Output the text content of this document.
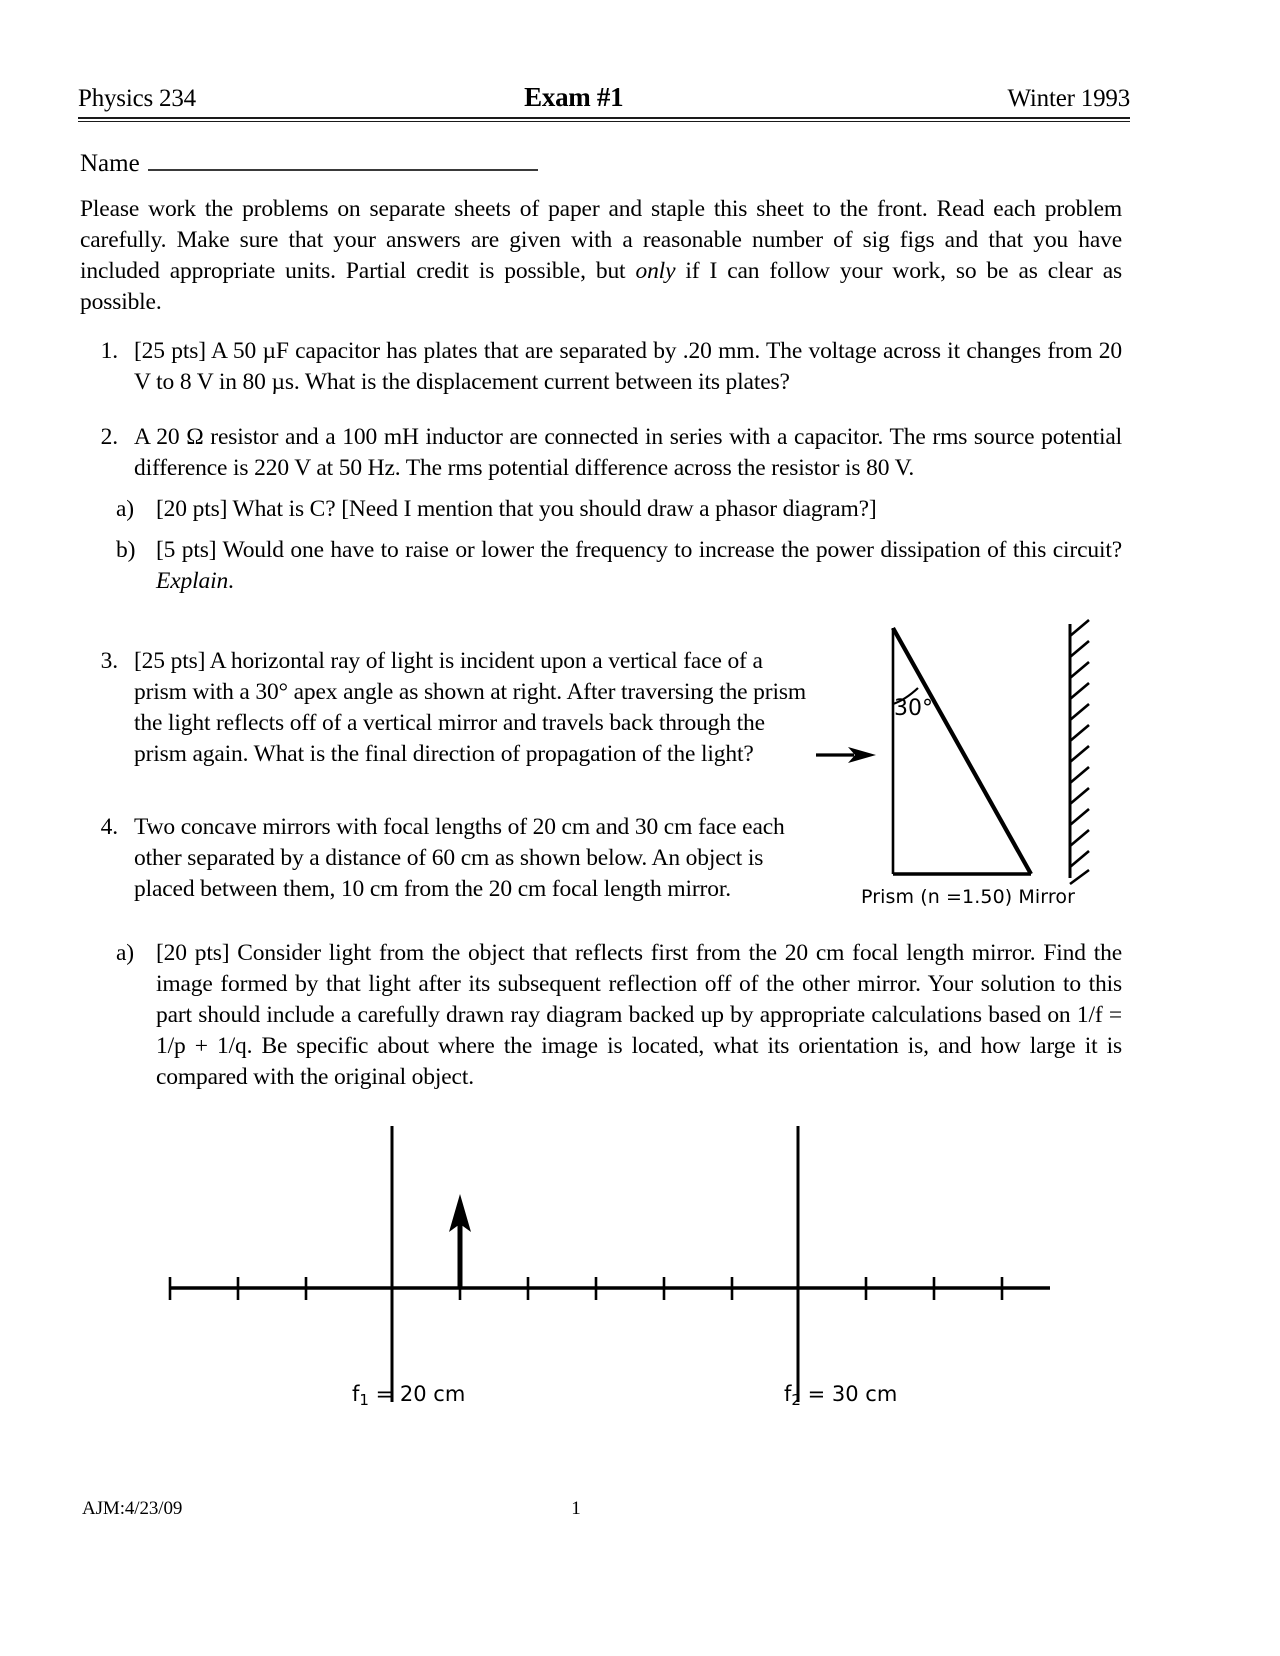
Physics 234	Exam #1	Winter 1993
Name
Please work the problems on separate sheets of paper and staple this sheet to the front. Read each problem carefully. Make sure that your answers are given with a reasonable number of sig figs and that you have included appropriate units. Partial credit is possible, but only if I can follow your work, so be as clear as possible.
1. [25 pts] A 50 µF capacitor has plates that are separated by .20 mm. The voltage across it changes from 20 V to 8 V in 80 µs. What is the displacement current between its plates?
2. A 20 Ω resistor and a 100 mH inductor are connected in series with a capacitor. The rms source potential difference is 220 V at 50 Hz. The rms potential difference across the resistor is 80 V.
a) [20 pts] What is C? [Need I mention that you should draw a phasor diagram?]
b) [5 pts] Would one have to raise or lower the frequency to increase the power dissipation of this circuit? Explain.
3. [25 pts] A horizontal ray of light is incident upon a vertical face of a prism with a 30° apex angle as shown at right. After traversing the prism the light reflects off of a vertical mirror and travels back through the prism again. What is the final direction of propagation of the light?
4. Two concave mirrors with focal lengths of 20 cm and 30 cm face each other separated by a distance of 60 cm as shown below. An object is placed between them, 10 cm from the 20 cm focal length mirror.
a) [20 pts] Consider light from the object that reflects first from the 20 cm focal length mirror. Find the image formed by that light after its subsequent reflection off of the other mirror. Your solution to this part should include a carefully drawn ray diagram backed up by appropriate calculations based on 1/f = 1/p + 1/q. Be specific about where the image is located, what its orientation is, and how large it is compared with the original object.
30°
Prism (n =1.50) Mirror
$f_1 = 20$ cm	$f_2 = 30$ cm
AJM:4/23/09	1
